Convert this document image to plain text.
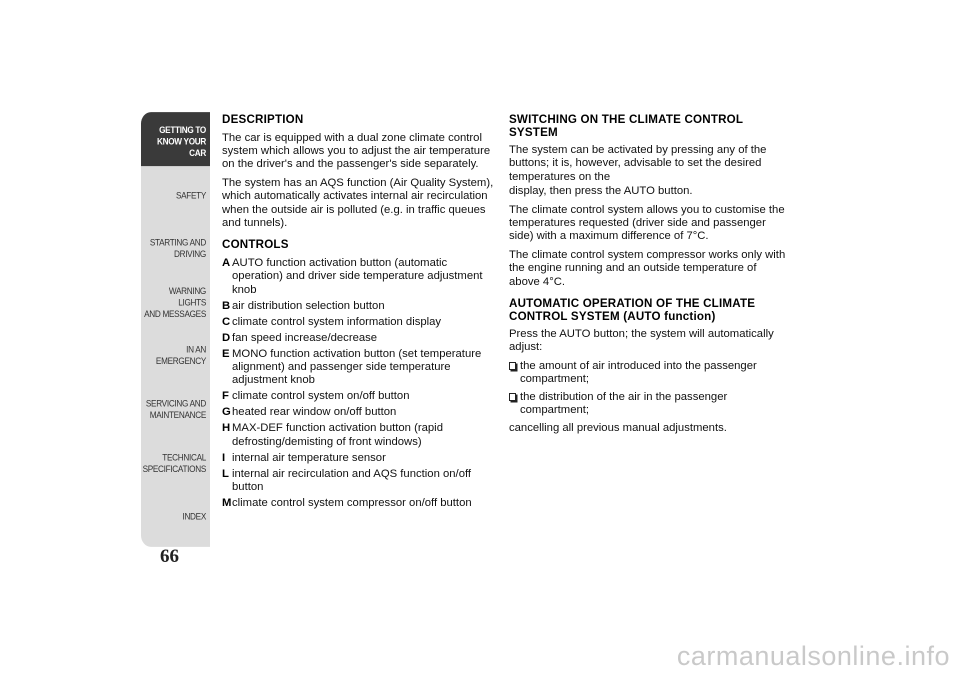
GETTING TO
KNOW YOUR CAR
SAFETY
STARTING AND
DRIVING
WARNING LIGHTS
AND MESSAGES
IN AN EMERGENCY
SERVICING AND
MAINTENANCE
TECHNICAL
SPECIFICATIONS
INDEX
66
DESCRIPTION

The car is equipped with a dual zone climate control system which allows you to adjust the air temperature on the driver's and the passenger's side separately.

The system has an AQS function (Air Quality System), which automatically activates internal air recirculation when the outside air is polluted (e.g. in traffic queues and tunnels).

CONTROLS
A AUTO function activation button (automatic operation) and driver side temperature adjustment knob
B air distribution selection button
C climate control system information display
D fan speed increase/decrease
E MONO function activation button (set temperature alignment) and passenger side temperature adjustment knob
F climate control system on/off button
G heated rear window on/off button
H MAX-DEF function activation button (rapid defrosting/demisting of front windows)
I internal air temperature sensor
L internal air recirculation and AQS function on/off button
M climate control system compressor on/off button
SWITCHING ON THE CLIMATE CONTROL SYSTEM

The system can be activated by pressing any of the buttons; it is, however, advisable to set the desired temperatures on the

display, then press the AUTO button.

The climate control system allows you to customise the temperatures requested (driver side and passenger side) with a maximum difference of 7°C.

The climate control system compressor works only with the engine running and an outside temperature of above 4°C.

AUTOMATIC OPERATION OF THE CLIMATE CONTROL SYSTEM (AUTO function)

Press the AUTO button; the system will automatically adjust:

the amount of air introduced into the passenger compartment;
the distribution of the air in the passenger compartment;

cancelling all previous manual adjustments.

carmanualsonline.info
